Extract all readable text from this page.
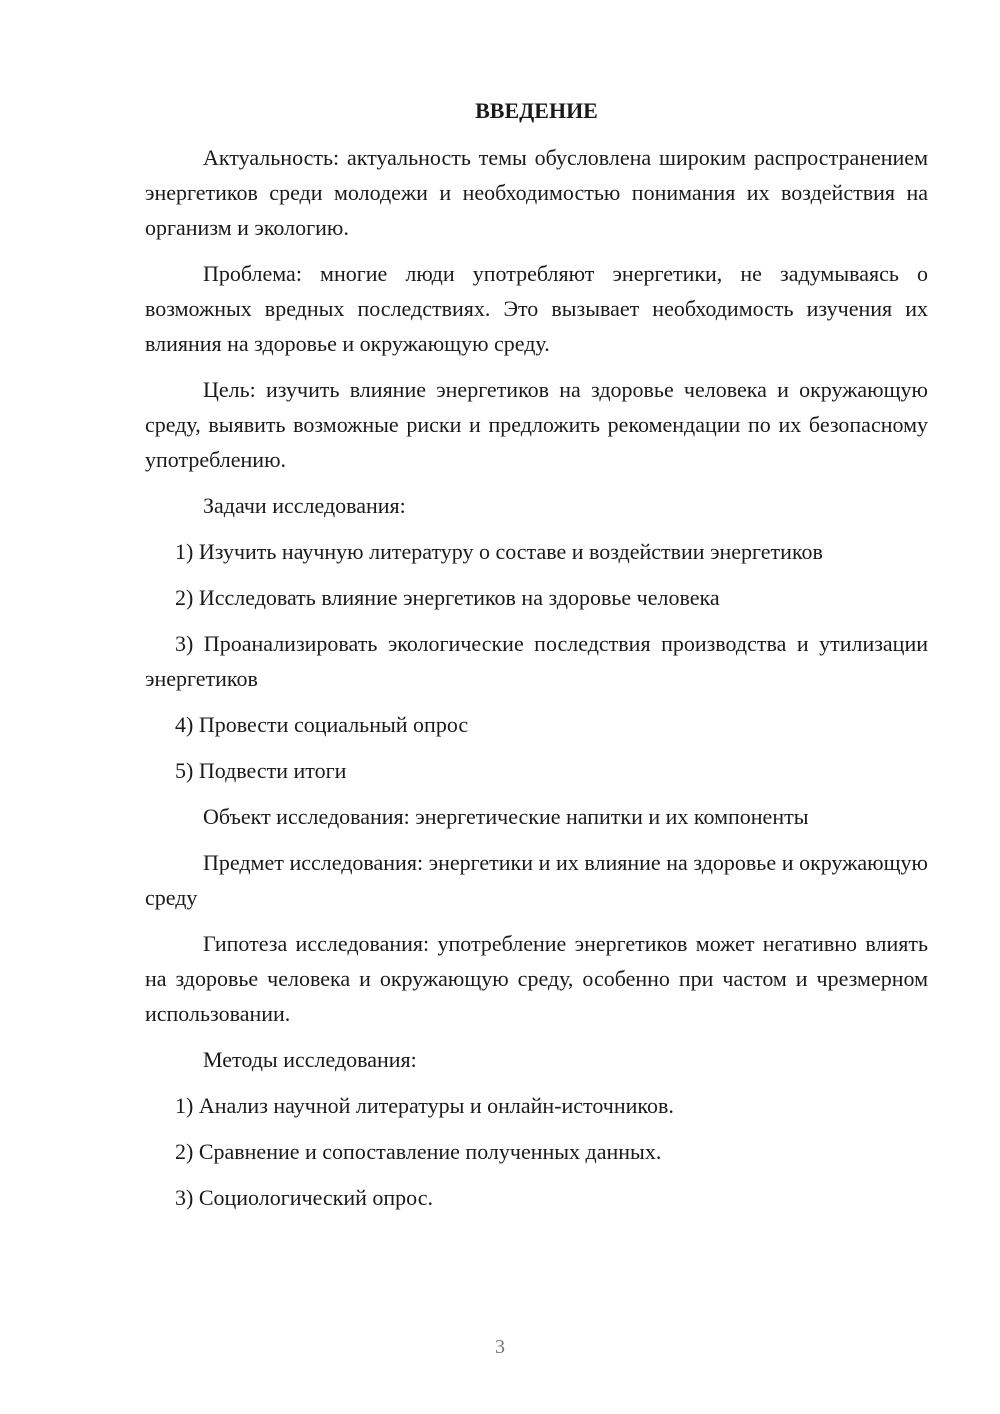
ВВЕДЕНИЕ

Актуальность: актуальность темы обусловлена широким распространением энергетиков среди молодежи и необходимостью понимания их воздействия на организм и экологию.

Проблема: многие люди употребляют энергетики, не задумываясь о возможных вредных последствиях. Это вызывает необходимость изучения их влияния на здоровье и окружающую среду.

Цель: изучить влияние энергетиков на здоровье человека и окружающую среду, выявить возможные риски и предложить рекомендации по их безопасному употреблению.

Задачи исследования:

1) Изучить научную литературу о составе и воздействии энергетиков

2) Исследовать влияние энергетиков на здоровье человека

3) Проанализировать экологические последствия производства и утилизации энергетиков

4) Провести социальный опрос

5) Подвести итоги

Объект исследования: энергетические напитки и их компоненты

Предмет исследования: энергетики и их влияние на здоровье и окружающую среду

Гипотеза исследования: употребление энергетиков может негативно влиять на здоровье человека и окружающую среду, особенно при частом и чрезмерном использовании.

Методы исследования:

1) Анализ научной литературы и онлайн-источников.

2) Сравнение и сопоставление полученных данных.

3) Социологический опрос.

3
